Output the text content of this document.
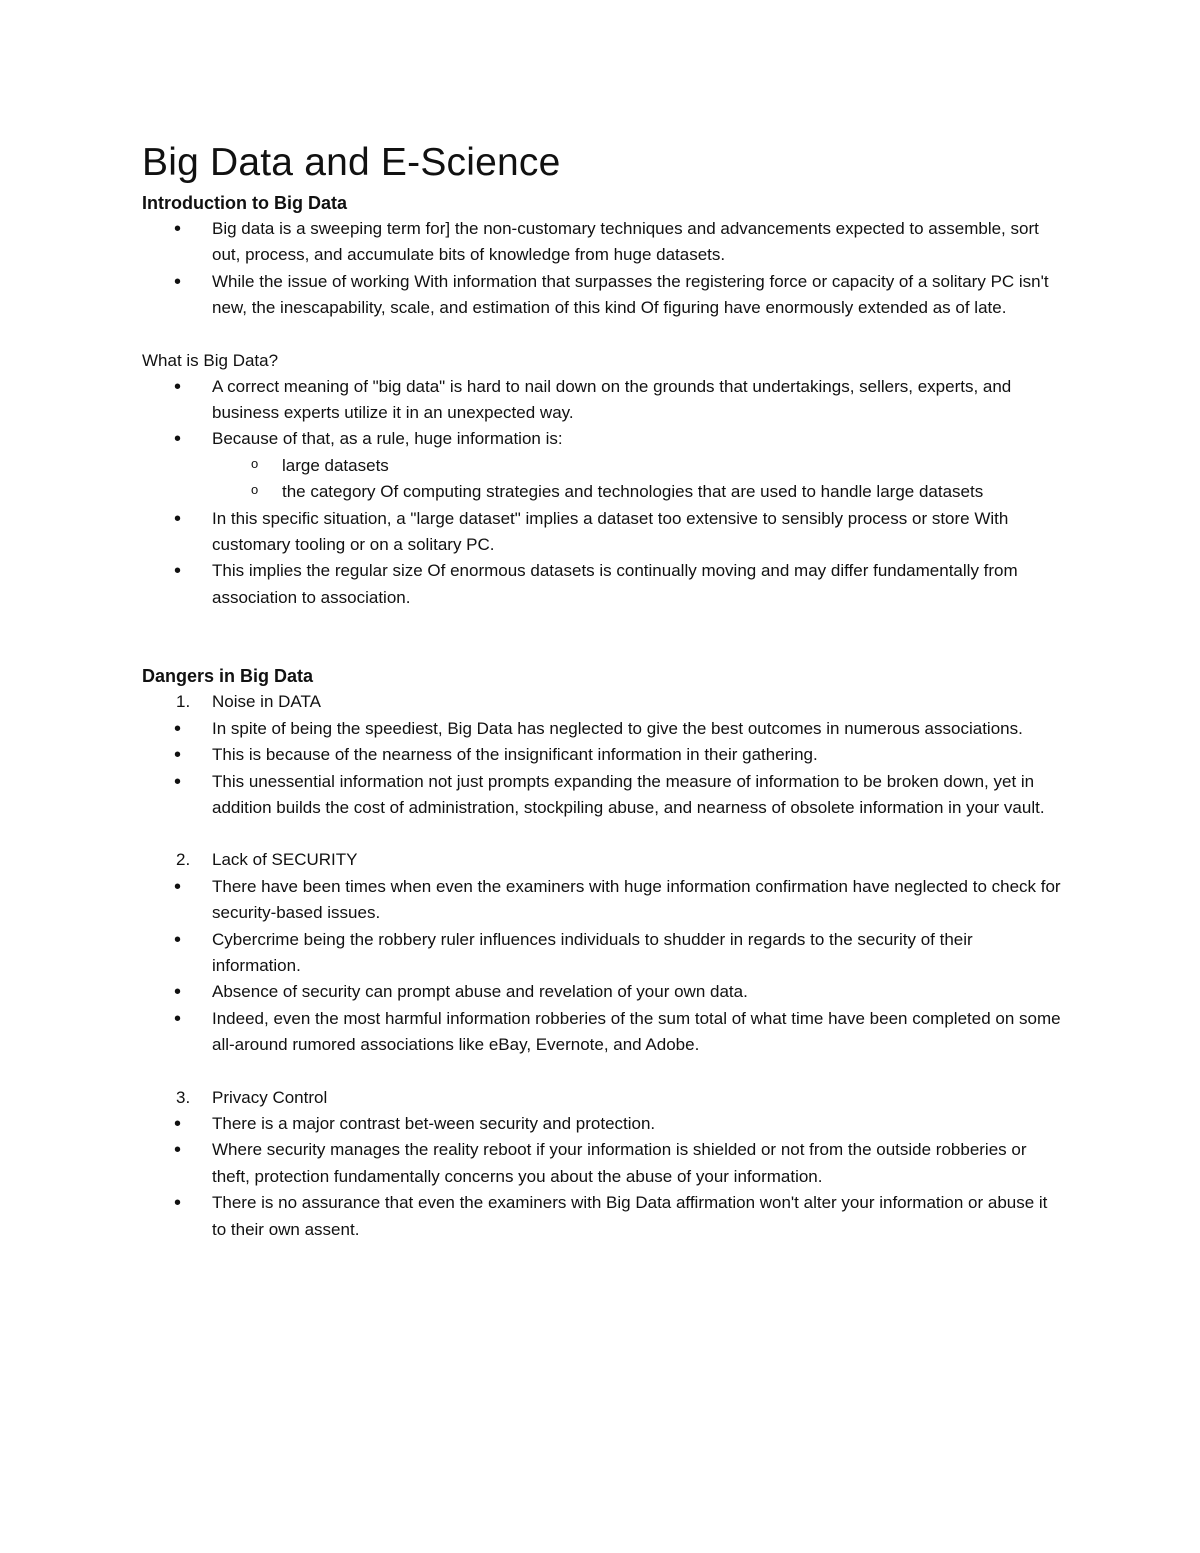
Big Data and E-Science
Introduction to Big Data
• Big data is a sweeping term for] the non-customary techniques and advancements expected to assemble, sort out, process, and accumulate bits of knowledge from huge datasets.
• While the issue of working With information that surpasses the registering force or capacity of a solitary PC isn't new, the inescapability, scale, and estimation of this kind Of figuring have enormously extended as of late.

What is Big Data?

• A correct meaning of "big data" is hard to nail down on the grounds that undertakings, sellers, experts, and business experts utilize it in an unexpected way.
• Because of that, as a rule, huge information is:
o large datasets
o the category Of computing strategies and technologies that are used to handle large datasets
• In this specific situation, a "large dataset" implies a dataset too extensive to sensibly process or store With customary tooling or on a solitary PC.
• This implies the regular size Of enormous datasets is continually moving and may differ fundamentally from association to association.
Dangers in Big Data
1. Noise in DATA
• In spite of being the speediest, Big Data has neglected to give the best outcomes in numerous associations.
• This is because of the nearness of the insignificant information in their gathering.
• This unessential information not just prompts expanding the measure of information to be broken down, yet in addition builds the cost of administration, stockpiling abuse, and nearness of obsolete information in your vault.
2. Lack of SECURITY
• There have been times when even the examiners with huge information confirmation have neglected to check for security-based issues.
• Cybercrime being the robbery ruler influences individuals to shudder in regards to the security of their information.
• Absence of security can prompt abuse and revelation of your own data.
• Indeed, even the most harmful information robberies of the sum total of what time have been completed on some all-around rumored associations like eBay, Evernote, and Adobe.
3. Privacy Control
• There is a major contrast bet-ween security and protection.
• Where security manages the reality reboot if your information is shielded or not from the outside robberies or theft, protection fundamentally concerns you about the abuse of your information.
• There is no assurance that even the examiners with Big Data affirmation won't alter your information or abuse it to their own assent.
